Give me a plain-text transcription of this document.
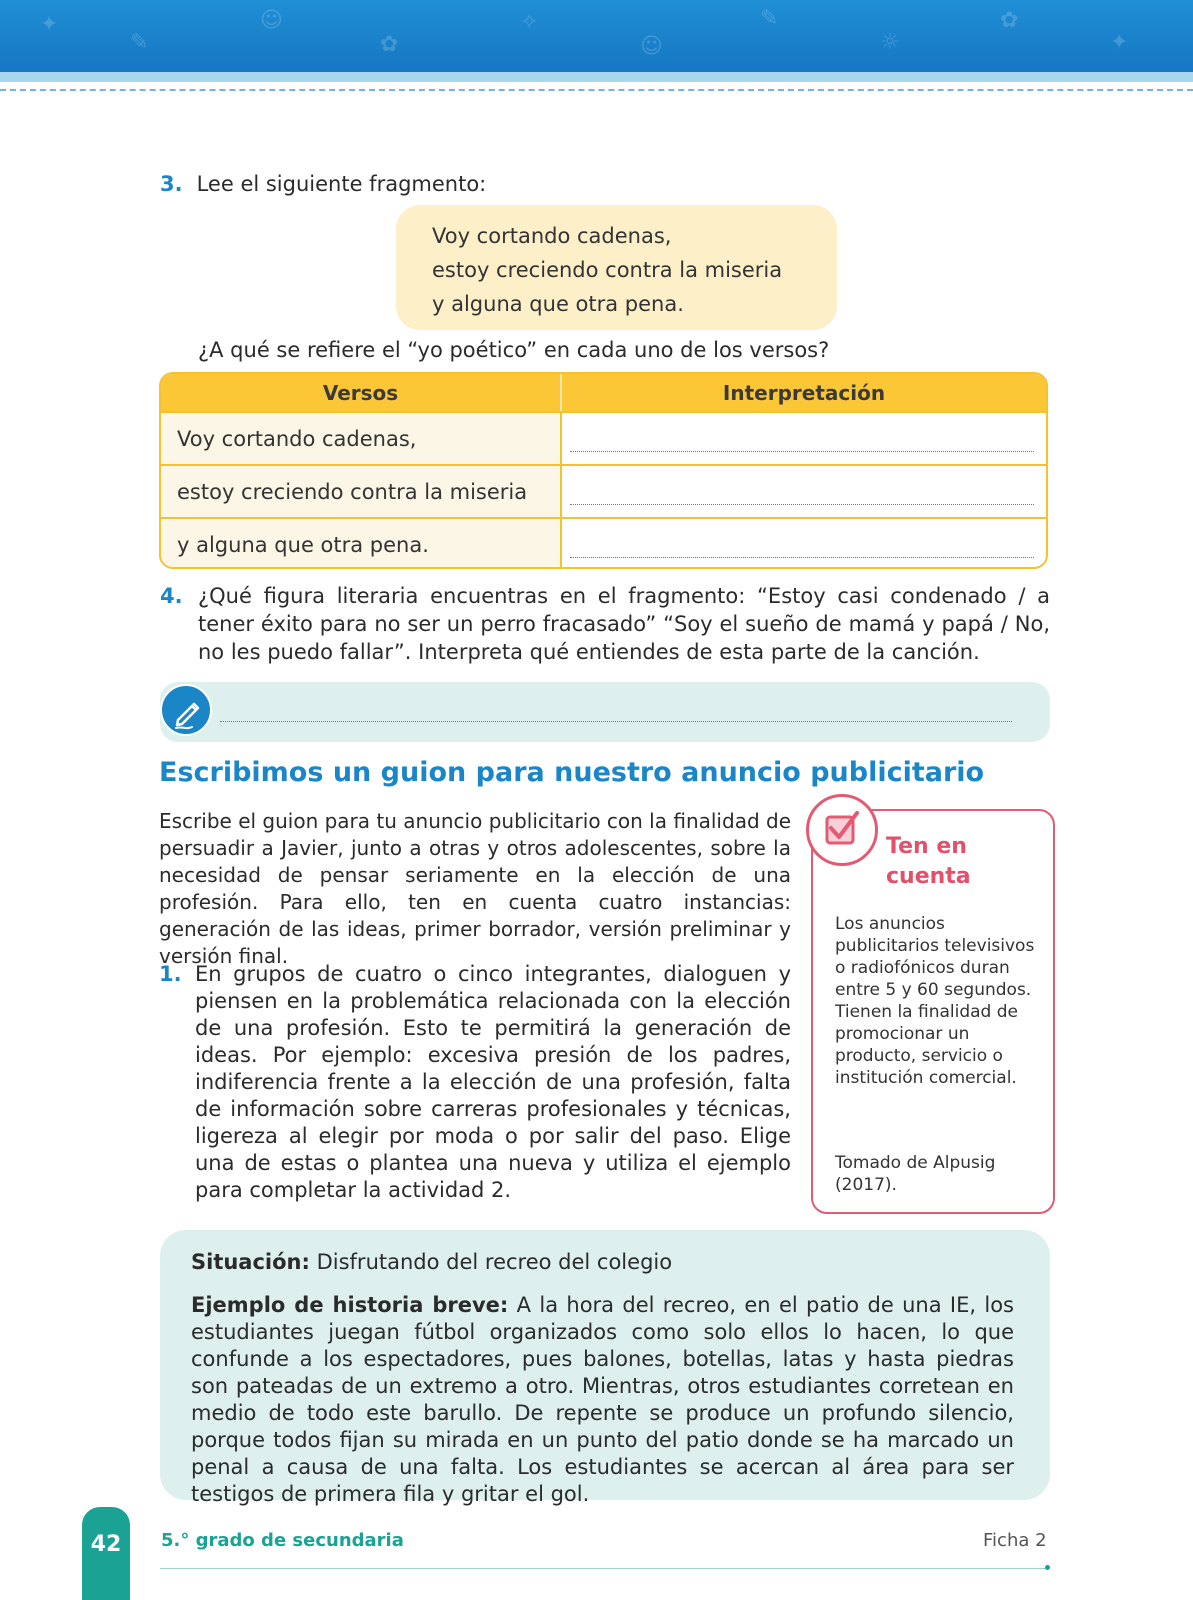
✦
✎
☺
✿
✧
☺
✎
☼
✿
✦
3. Lee el siguiente fragmento:
Voy cortando cadenas,
estoy creciendo contra la miseria
y alguna que otra pena.
¿A qué se refiere el “yo poético” en cada uno de los versos?
Versos	Interpretación
Voy cortando cadenas,
estoy creciendo contra la miseria
y alguna que otra pena.
4. ¿Qué figura literaria encuentras en el fragmento: “Estoy casi condenado / a tener éxito para no ser un perro fracasado” “Soy el sueño de mamá y papá / No, no les puedo fallar”. Interpreta qué entiendes de esta parte de la canción.
Escribimos un guion para nuestro anuncio publicitario
Escribe el guion para tu anuncio publicitario con la finalidad de persuadir a Javier, junto a otras y otros adolescentes, sobre la necesidad de pensar seriamente en la elección de una profesión. Para ello, ten en cuenta cuatro instancias: generación de las ideas, primer borrador, versión preliminar y versión final.
1. En grupos de cuatro o cinco integrantes, dialoguen y piensen en la problemática relacionada con la elección de una profesión. Esto te permitirá la generación de ideas. Por ejemplo: excesiva presión de los padres, indiferencia frente a la elección de una profesión, falta de información sobre carreras profesionales y técnicas, ligereza al elegir por moda o por salir del paso. Elige una de estas o plantea una nueva y utiliza el ejemplo para completar la actividad 2.
Ten en cuenta
Los anuncios publicitarios televisivos o radiofónicos duran entre 5 y 60 segundos. Tienen la finalidad de promocionar un producto, servicio o institución comercial.
Tomado de Alpusig (2017).
Situación: Disfrutando del recreo del colegio
Ejemplo de historia breve: A la hora del recreo, en el patio de una IE, los estudiantes juegan fútbol organizados como solo ellos lo hacen, lo que confunde a los espectadores, pues balones, botellas, latas y hasta piedras son pateadas de un extremo a otro. Mientras, otros estudiantes corretean en medio de todo este barullo. De repente se produce un profundo silencio, porque todos fijan su mirada en un punto del patio donde se ha marcado un penal a causa de una falta. Los estudiantes se acercan al área para ser testigos de primera fila y gritar el gol.
42 5.° grado de secundaria	Ficha 2
